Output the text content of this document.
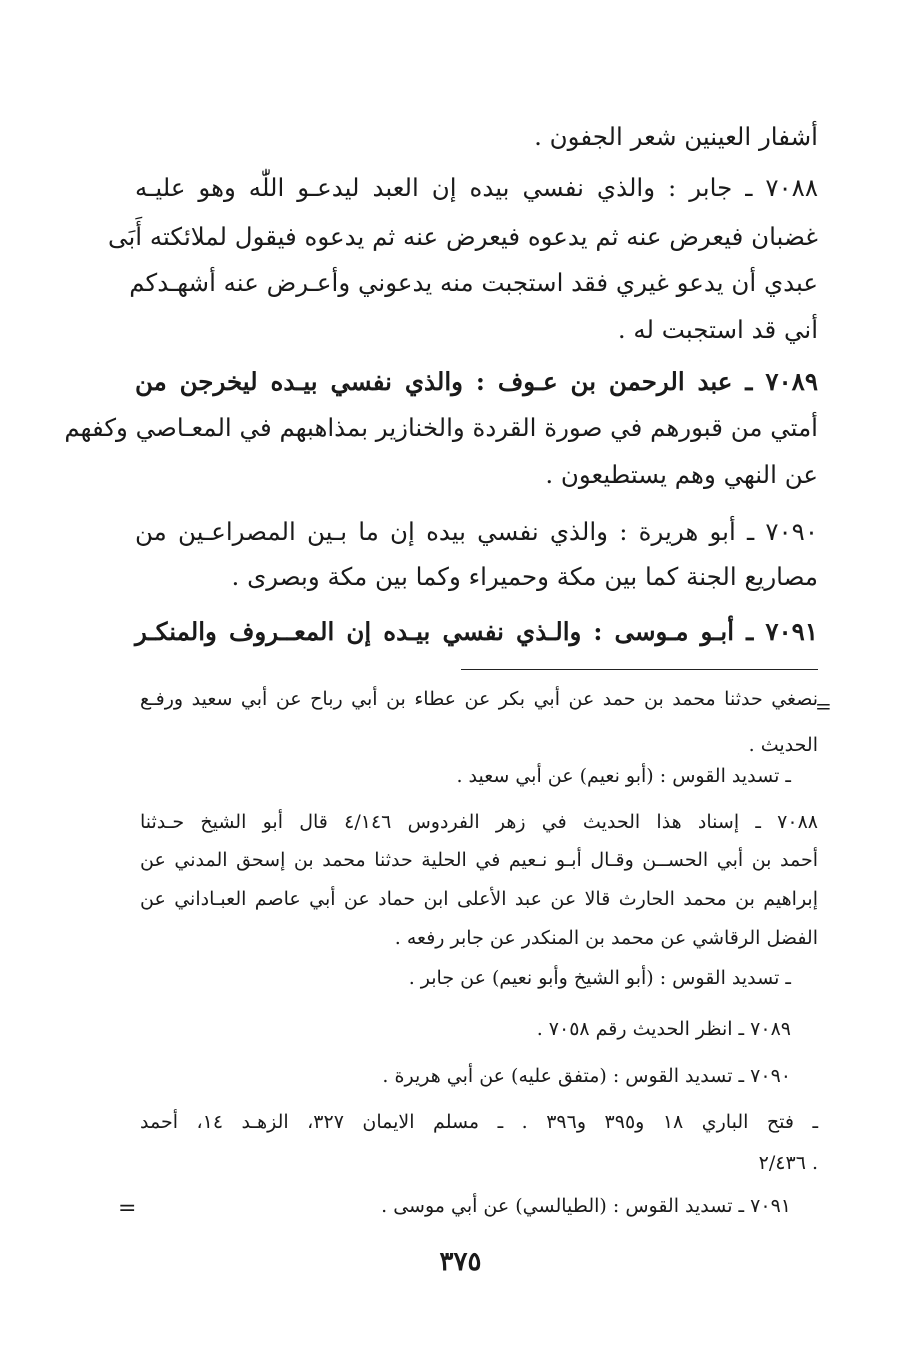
أشفار العينين شعر الجفون .
٧٠٨٨ ـ جابر : والذي نفسي بيده إن العبد ليدعـو اللّٰه وهو عليـه
غضبان فيعرض عنه ثم يدعوه فيعرض عنه ثم يدعوه فيقول لملائكته أَبَى
عبدي أن يدعو غيري فقد استجبت منه يدعوني وأعـرض عنه أشهـدكم
أني قد استجبت له .
٧٠٨٩ ـ عبد الرحمن بن عـوف : والذي نفسي بيـده ليخرجن من
أمتي من قبورهم في صورة القردة والخنازير بمذاهبهم في المعـاصي وكفهم
عن النهي وهم يستطيعون .
٧٠٩٠ ـ أبو هريرة : والذي نفسي بيده إن ما بـين المصراعـين من
مصاريع الجنة كما بين مكة وحميراء وكما بين مكة وبصرى .
٧٠٩١ ـ أبـو مـوسى : والـذي نفسي بيـده إن المعــروف والمنكـر
نصغي حدثنا محمد بن حمد عن أبي بكر عن عطاء بن أبي رباح عن أبي سعيد ورفـع
الحديث .
ـ تسديد القوس : (أبو نعيم) عن أبي سعيد .
٧٠٨٨ ـ إسناد هذا الحديث في زهر الفردوس ٤/١٤٦ قال أبو الشيخ حـدثنا
أحمد بن أبي الحســن وقـال أبـو نـعيم في الحلية حدثنا محمد بن إسحق المدني عن
إبراهيم بن محمد الحارث قالا عن عبد الأعلى ابن حماد عن أبي عاصم العبـاداني عن
الفضل الرقاشي عن محمد بن المنكدر عن جابر رفعه .
ـ تسديد القوس : (أبو الشيخ وأبو نعيم) عن جابر .
٧٠٨٩ ـ انظر الحديث رقم ٧٠٥٨ .
٧٠٩٠ ـ تسديد القوس : (متفق عليه) عن أبي هريرة .
ـ فتح الباري ١٨ و٣٩٥ و٣٩٦ . ـ مسلم الايمان ٣٢٧، الزهـد ١٤، أحمد
. ٢/٤٣٦
٧٠٩١ ـ تسديد القوس : (الطيالسي) عن أبي موسى .
=
=
٣٧٥
